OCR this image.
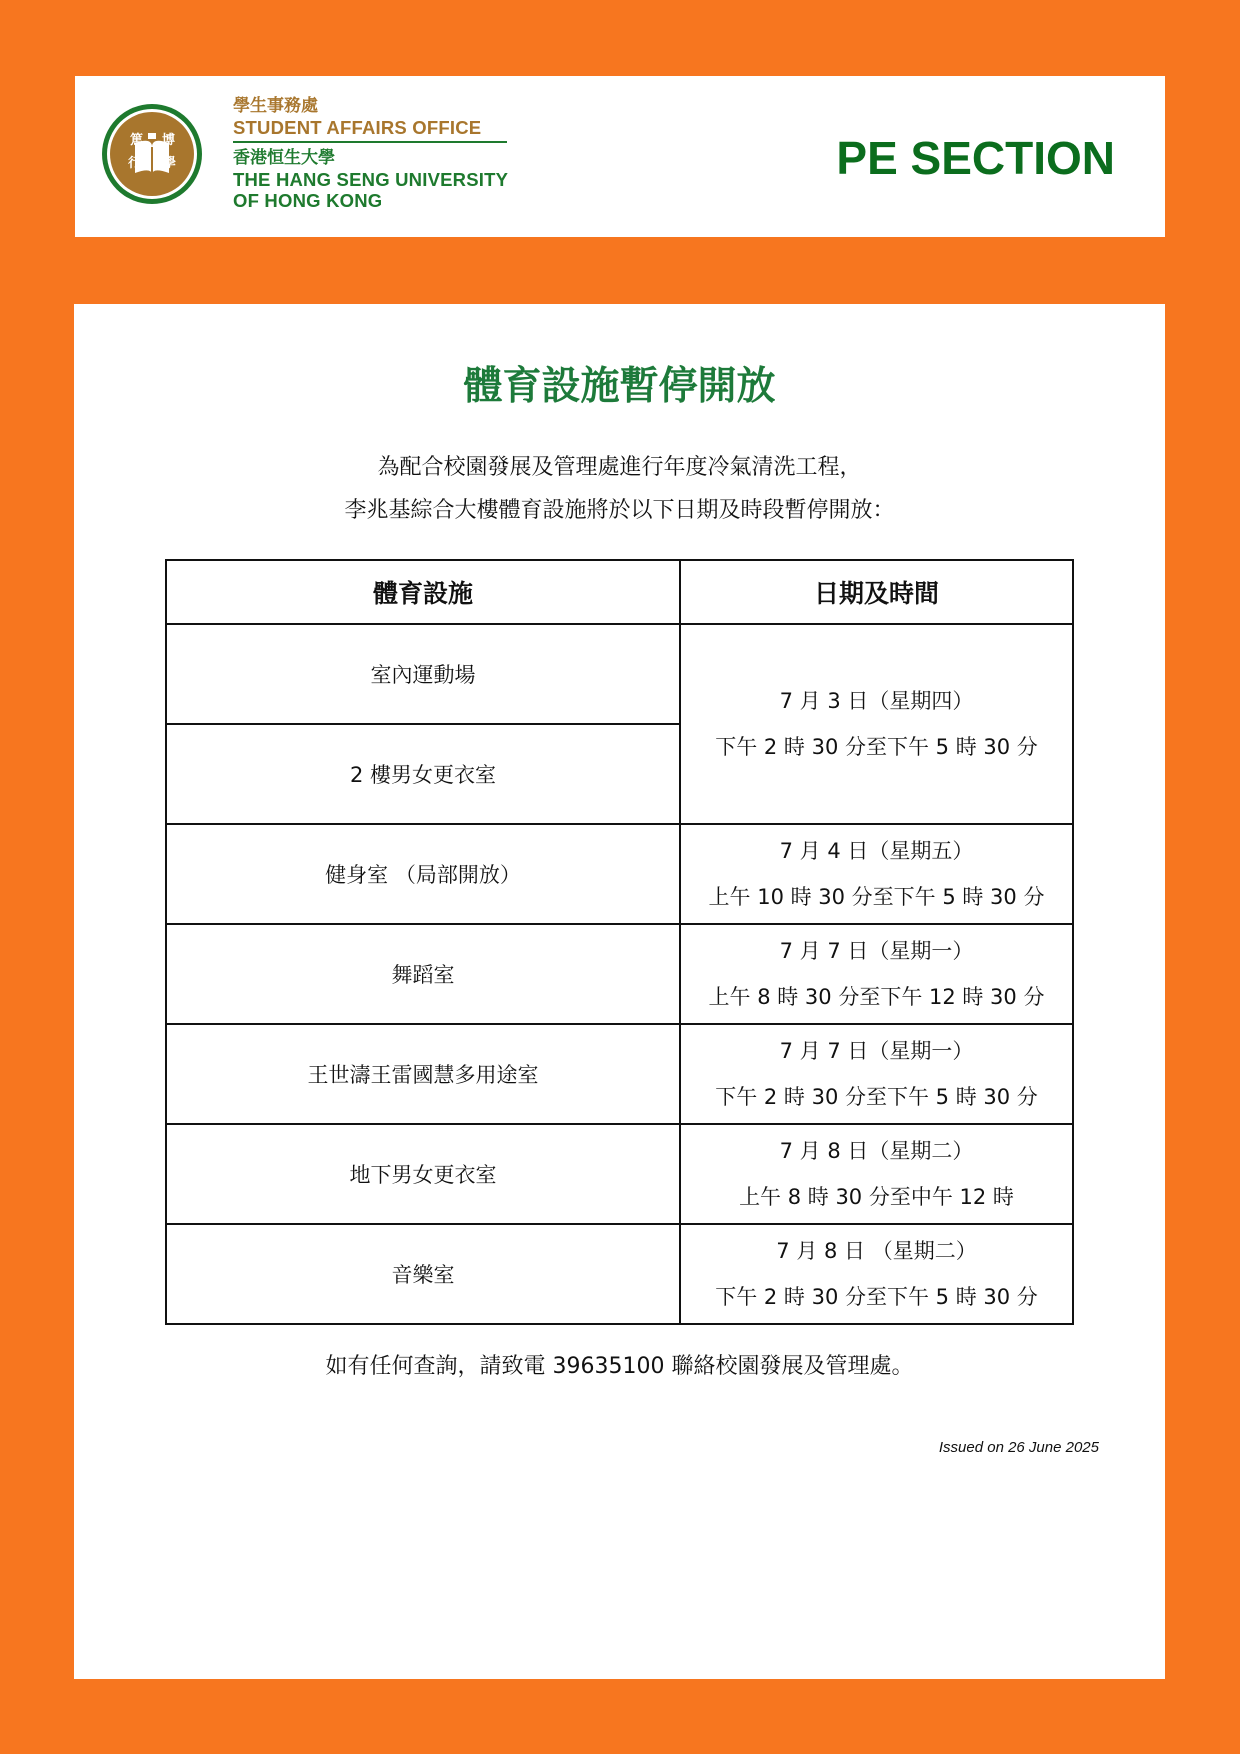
篤 博
行 學
學生事務處
STUDENT AFFAIRS OFFICE
香港恒生大學
THE HANG SENG UNIVERSITY
OF HONG KONG
PE SECTION
體育設施暫停開放
為配合校園發展及管理處進行年度冷氣清洗工程，
李兆基綜合大樓體育設施將於以下日期及時段暫停開放：
體育設施	日期及時間
室內運動場	7 月 3 日（星期四）
下午 2 時 30 分至下午 5 時 30 分

2 樓男女更衣室	
健身室 （局部開放）	7 月 4 日（星期五）
上午 10 時 30 分至下午 5 時 30 分

舞蹈室	7 月 7 日（星期一）
上午 8 時 30 分至下午 12 時 30 分

王世濤王雷國慧多用途室	7 月 7 日（星期一）
下午 2 時 30 分至下午 5 時 30 分

地下男女更衣室	7 月 8 日（星期二）
上午 8 時 30 分至中午 12 時

音樂室	7 月 8 日 （星期二）
下午 2 時 30 分至下午 5 時 30 分
如有任何查詢，請致電 39635100 聯絡校園發展及管理處。
Issued on 26 June 2025
